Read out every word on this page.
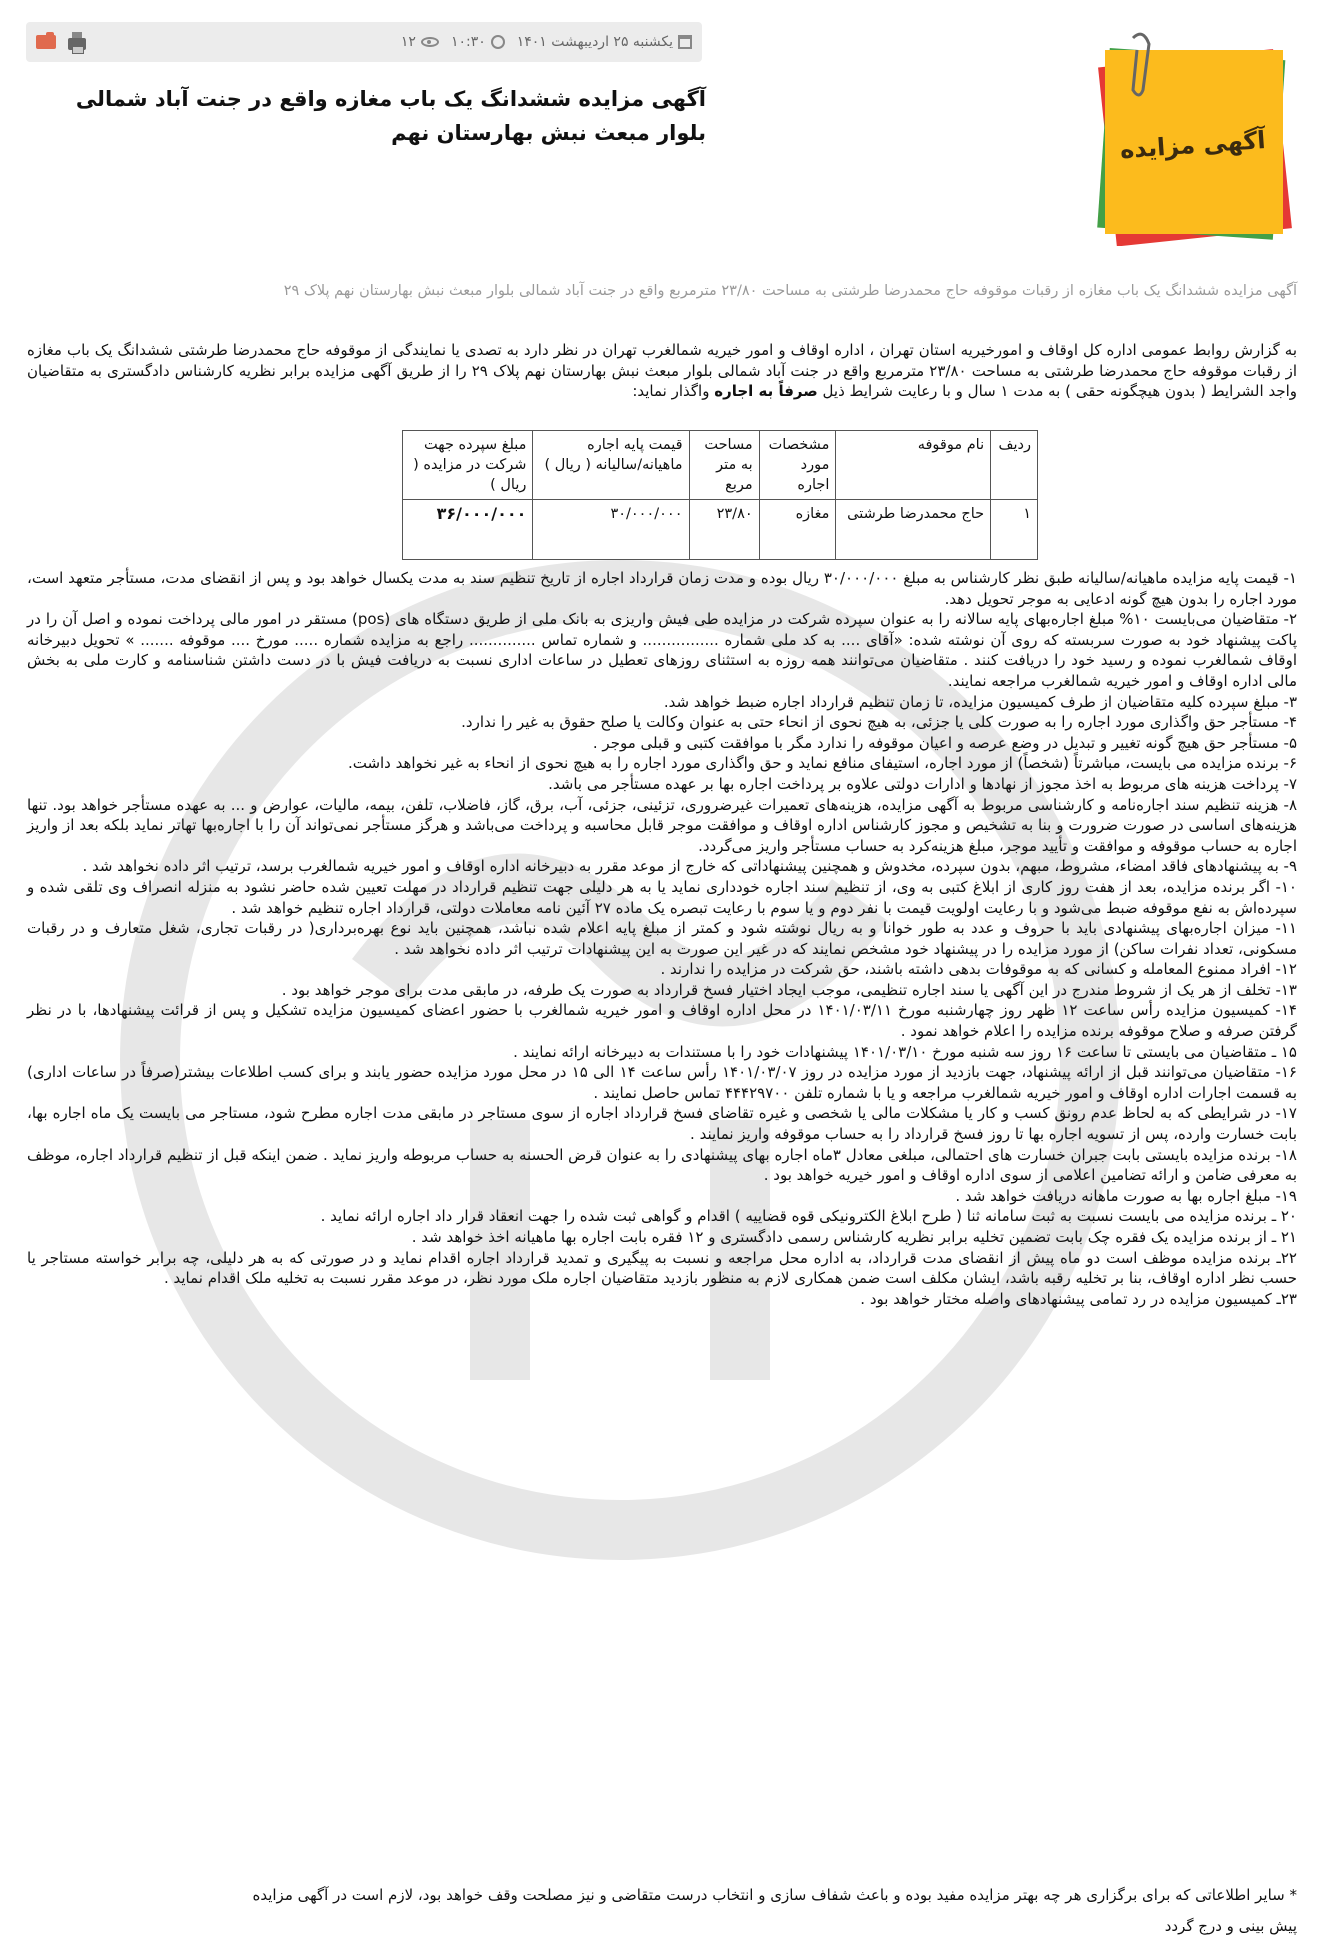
یکشنبه ۲۵ اردیبهشت ۱۴۰۱
۱۰:۳۰
۱۲
آگهی مزایده ششدانگ یک باب مغازه واقع در جنت آباد شمالی بلوار مبعث نبش بهارستان نهم	آگهی مزایده

آگهی مزایده ششدانگ یک باب مغازه از رقبات موقوفه حاج محمدرضا طرشتی به مساحت ۲۳/۸۰ مترمربع واقع در جنت آباد شمالی بلوار مبعث نبش بهارستان نهم پلاک ۲۹

به گزارش روابط عمومی اداره کل اوقاف و امورخیریه استان تهران ، اداره اوقاف و امور خیریه شمالغرب تهران در نظر دارد به تصدی یا نمایندگی از موقوفه حاج محمدرضا طرشتی ششدانگ یک باب مغازه از رقبات موقوفه حاج محمدرضا طرشتی به مساحت ۲۳/۸۰ مترمربع واقع در جنت آباد شمالی بلوار مبعث نبش بهارستان نهم پلاک ۲۹ را از طریق آگهی مزایده برابر نظریه کارشناس دادگستری به متقاضیان واجد الشرایط ( بدون هیچگونه حقی ) به مدت ۱ سال و با رعایت شرایط ذیل صرفاً به اجاره واگذار نماید:

ردیف	نام موقوفه	مشخصات مورد اجاره	مساحت به متر مربع	قیمت پایه اجاره ماهیانه/سالیانه ( ریال )	مبلغ سپرده جهت شرکت در مزایده ( ریال )
۱	حاج محمدرضا طرشتی	مغازه	۲۳/۸۰	۳۰/۰۰۰/۰۰۰	۳۶/۰۰۰/۰۰۰
۱- قیمت پایه مزایده ماهیانه/سالیانه طبق نظر کارشناس به مبلغ ۳۰/۰۰۰/۰۰۰ ریال بوده و مدت زمان قرارداد اجاره از تاریخ تنظیم سند به مدت یکسال خواهد بود و پس از انقضای مدت، مستأجر متعهد است، مورد اجاره را بدون هیچ گونه ادعایی به موجر تحویل دهد.
۲- متقاضیان می‌بایست ۱۰% مبلغ اجاره‌بهای پایه سالانه را به عنوان سپرده شرکت در مزایده طی فیش واریزی به بانک ملی از طریق دستگاه های (pos) مستقر در امور مالی پرداخت نموده و اصل آن را در پاکت پیشنهاد خود به صورت سربسته که روی آن نوشته شده: «آقای .... به کد ملی شماره ................ و شماره تماس .............. راجع به مزایده شماره ..... مورخ .... موقوفه ....... » تحویل دبیرخانه اوقاف شمالغرب نموده و رسید خود را دریافت کنند . متقاضیان می‌توانند همه روزه به استثنای روزهای تعطیل در ساعات اداری نسبت به دریافت فیش با در دست داشتن شناسنامه و کارت ملی به بخش مالی اداره اوقاف و امور خیریه شمالغرب مراجعه نمایند.
۳- مبلغ سپرده کلیه متقاضیان از طرف کمیسیون مزایده، تا زمان تنظیم قرارداد اجاره ضبط خواهد شد.
۴- مستأجر حق واگذاری مورد اجاره را به صورت کلی یا جزئی، به هیچ نحوی از انحاء حتی به عنوان وکالت یا صلح حقوق به غیر را ندارد.
۵- مستأجر حق هیچ گونه تغییر و تبدیل در وضع عرصه و اعیان موقوفه را ندارد مگر با موافقت کتبی و قبلی موجر .
۶- برنده مزایده می بایست، مباشرتاً (شخصاً) از مورد اجاره، استیفای منافع نماید و حق واگذاری مورد اجاره را به هیچ نحوی از انحاء به غیر نخواهد داشت.
۷- پرداخت هزینه های مربوط به اخذ مجوز از نهادها و ادارات دولتی علاوه بر پرداخت اجاره بها بر عهده مستأجر می باشد.
۸- هزینه تنظیم سند اجاره‌نامه و کارشناسی مربوط به آگهی مزایده، هزینه‌های تعمیرات غیرضروری، تزئینی، جزئی، آب، برق، گاز، فاضلاب، تلفن، بیمه، مالیات، عوارض و ... به عهده مستأجر خواهد بود. تنها هزینه‌های اساسی در صورت ضرورت و بنا به تشخیص و مجوز کارشناس اداره اوقاف و موافقت موجر قابل محاسبه و پرداخت می‌باشد و هرگز مستأجر نمی‌تواند آن را با اجاره‌بها تهاتر نماید بلکه بعد از واریز اجاره به حساب موقوفه و موافقت و تأیید موجر، مبلغ هزینه‌کرد به حساب مستأجر واریز می‌گردد.
۹- به پیشنهادهای فاقد امضاء، مشروط، مبهم، بدون سپرده، مخدوش و همچنین پیشنهاداتی که خارج از موعد مقرر به دبیرخانه اداره اوقاف و امور خیریه شمالغرب برسد، ترتیب اثر داده نخواهد شد .
۱۰- اگر برنده مزایده، بعد از هفت روز کاری از ابلاغ کتبی به وی، از تنظیم سند اجاره خودداری نماید یا به هر دلیلی جهت تنظیم قرارداد در مهلت تعیین شده حاضر نشود به منزله انصراف وی تلقی شده و سپرده‌اش به نفع موقوفه ضبط می‌شود و با رعایت اولویت قیمت با نفر دوم و یا سوم با رعایت تبصره یک ماده ۲۷ آئین نامه معاملات دولتی، قرارداد اجاره تنظیم خواهد شد .
۱۱- میزان اجاره‌بهای پیشنهادی باید با حروف و عدد به طور خوانا و به ریال نوشته شود و کمتر از مبلغ پایه اعلام شده نباشد، همچنین باید نوع بهره‌برداری( در رقبات تجاری، شغل متعارف و در رقبات مسکونی، تعداد نفرات ساکن) از مورد مزایده را در پیشنهاد خود مشخص نمایند که در غیر این صورت به این پیشنهادات ترتیب اثر داده نخواهد شد .
۱۲- افراد ممنوع المعامله و کسانی که به موقوفات بدهی داشته باشند، حق شرکت در مزایده را ندارند .
۱۳- تخلف از هر یک از شروط مندرج در این آگهی یا سند اجاره تنظیمی، موجب ایجاد اختیار فسخ قرارداد به صورت یک طرفه، در مابقی مدت برای موجر خواهد بود .
۱۴- کمیسیون مزایده رأس ساعت ۱۲ ظهر روز چهارشنبه مورخ ۱۴۰۱/۰۳/۱۱ در محل اداره اوقاف و امور خیریه شمالغرب با حضور اعضای کمیسیون مزایده تشکیل و پس از قرائت پیشنهادها، با در نظر گرفتن صرفه و صلاح موقوفه برنده مزایده را اعلام خواهد نمود .
۱۵ ـ متقاضیان می بایستی تا ساعت ۱۶ روز سه شنبه مورخ ۱۴۰۱/۰۳/۱۰ پیشنهادات خود را با مستندات به دبیرخانه ارائه نمایند .
۱۶- متقاضیان می‌توانند قبل از ارائه پیشنهاد، جهت بازدید از مورد مزایده در روز ۱۴۰۱/۰۳/۰۷ رأس ساعت ۱۴ الی ۱۵ در محل مورد مزایده حضور یابند و برای کسب اطلاعات بیشتر(صرفاً در ساعات اداری) به قسمت اجارات اداره اوقاف و امور خیریه شمالغرب مراجعه و یا با شماره تلفن ۴۴۴۲۹۷۰۰ تماس حاصل نمایند .
۱۷- در شرایطی که به لحاظ عدم رونق کسب و کار یا مشکلات مالی یا شخصی و غیره تقاضای فسخ قرارداد اجاره از سوی مستاجر در مابقی مدت اجاره مطرح شود، مستاجر می بایست یک ماه اجاره بها، بابت خسارت وارده، پس از تسویه اجاره بها تا روز فسخ قرارداد را به حساب موقوفه واریز نمایند .
۱۸- برنده مزایده بایستی بابت جبران خسارت های احتمالی، مبلغی معادل ۳ماه اجاره بهای پیشنهادی را به عنوان قرض الحسنه به حساب مربوطه واریز نماید . ضمن اینکه قبل از تنظیم قرارداد اجاره، موظف به معرفی ضامن و ارائه تضامین اعلامی از سوی اداره اوقاف و امور خیریه خواهد بود .
۱۹- مبلغ اجاره بها به صورت ماهانه دریافت خواهد شد .
۲۰ ـ برنده مزایده می بایست نسبت به ثبت سامانه ثنا ( طرح ابلاغ الکترونیکی قوه قضاییه ) اقدام و گواهی ثبت شده را جهت انعقاد قرار داد اجاره ارائه نماید .
۲۱ ـ از برنده مزایده یک فقره چک بابت تضمین تخلیه برابر نظریه کارشناس رسمی دادگستری و ۱۲ فقره بابت اجاره بها ماهیانه اخذ خواهد شد .
۲۲ـ برنده مزایده موظف است دو ماه پیش از انقضای مدت قرارداد، به اداره محل مراجعه و نسبت به پیگیری و تمدید قرارداد اجاره اقدام نماید و در صورتی که به هر دلیلی، چه برابر خواسته مستاجر یا حسب نظر اداره اوقاف، بنا بر تخلیه رقبه باشد، ایشان مکلف است ضمن همکاری لازم به منظور بازدید متقاضیان اجاره ملک مورد نظر، در موعد مقرر نسبت به تخلیه ملک اقدام نماید .
۲۳ـ کمیسیون مزایده در رد تمامی پیشنهادهای واصله مختار خواهد بود .

* سایر اطلاعاتی که برای برگزاری هر چه بهتر مزایده مفید بوده و باعث شفاف سازی و انتخاب درست متقاضی و نیز مصلحت وقف خواهد بود، لازم است در آگهی مزایده

پیش بینی و درج گردد
